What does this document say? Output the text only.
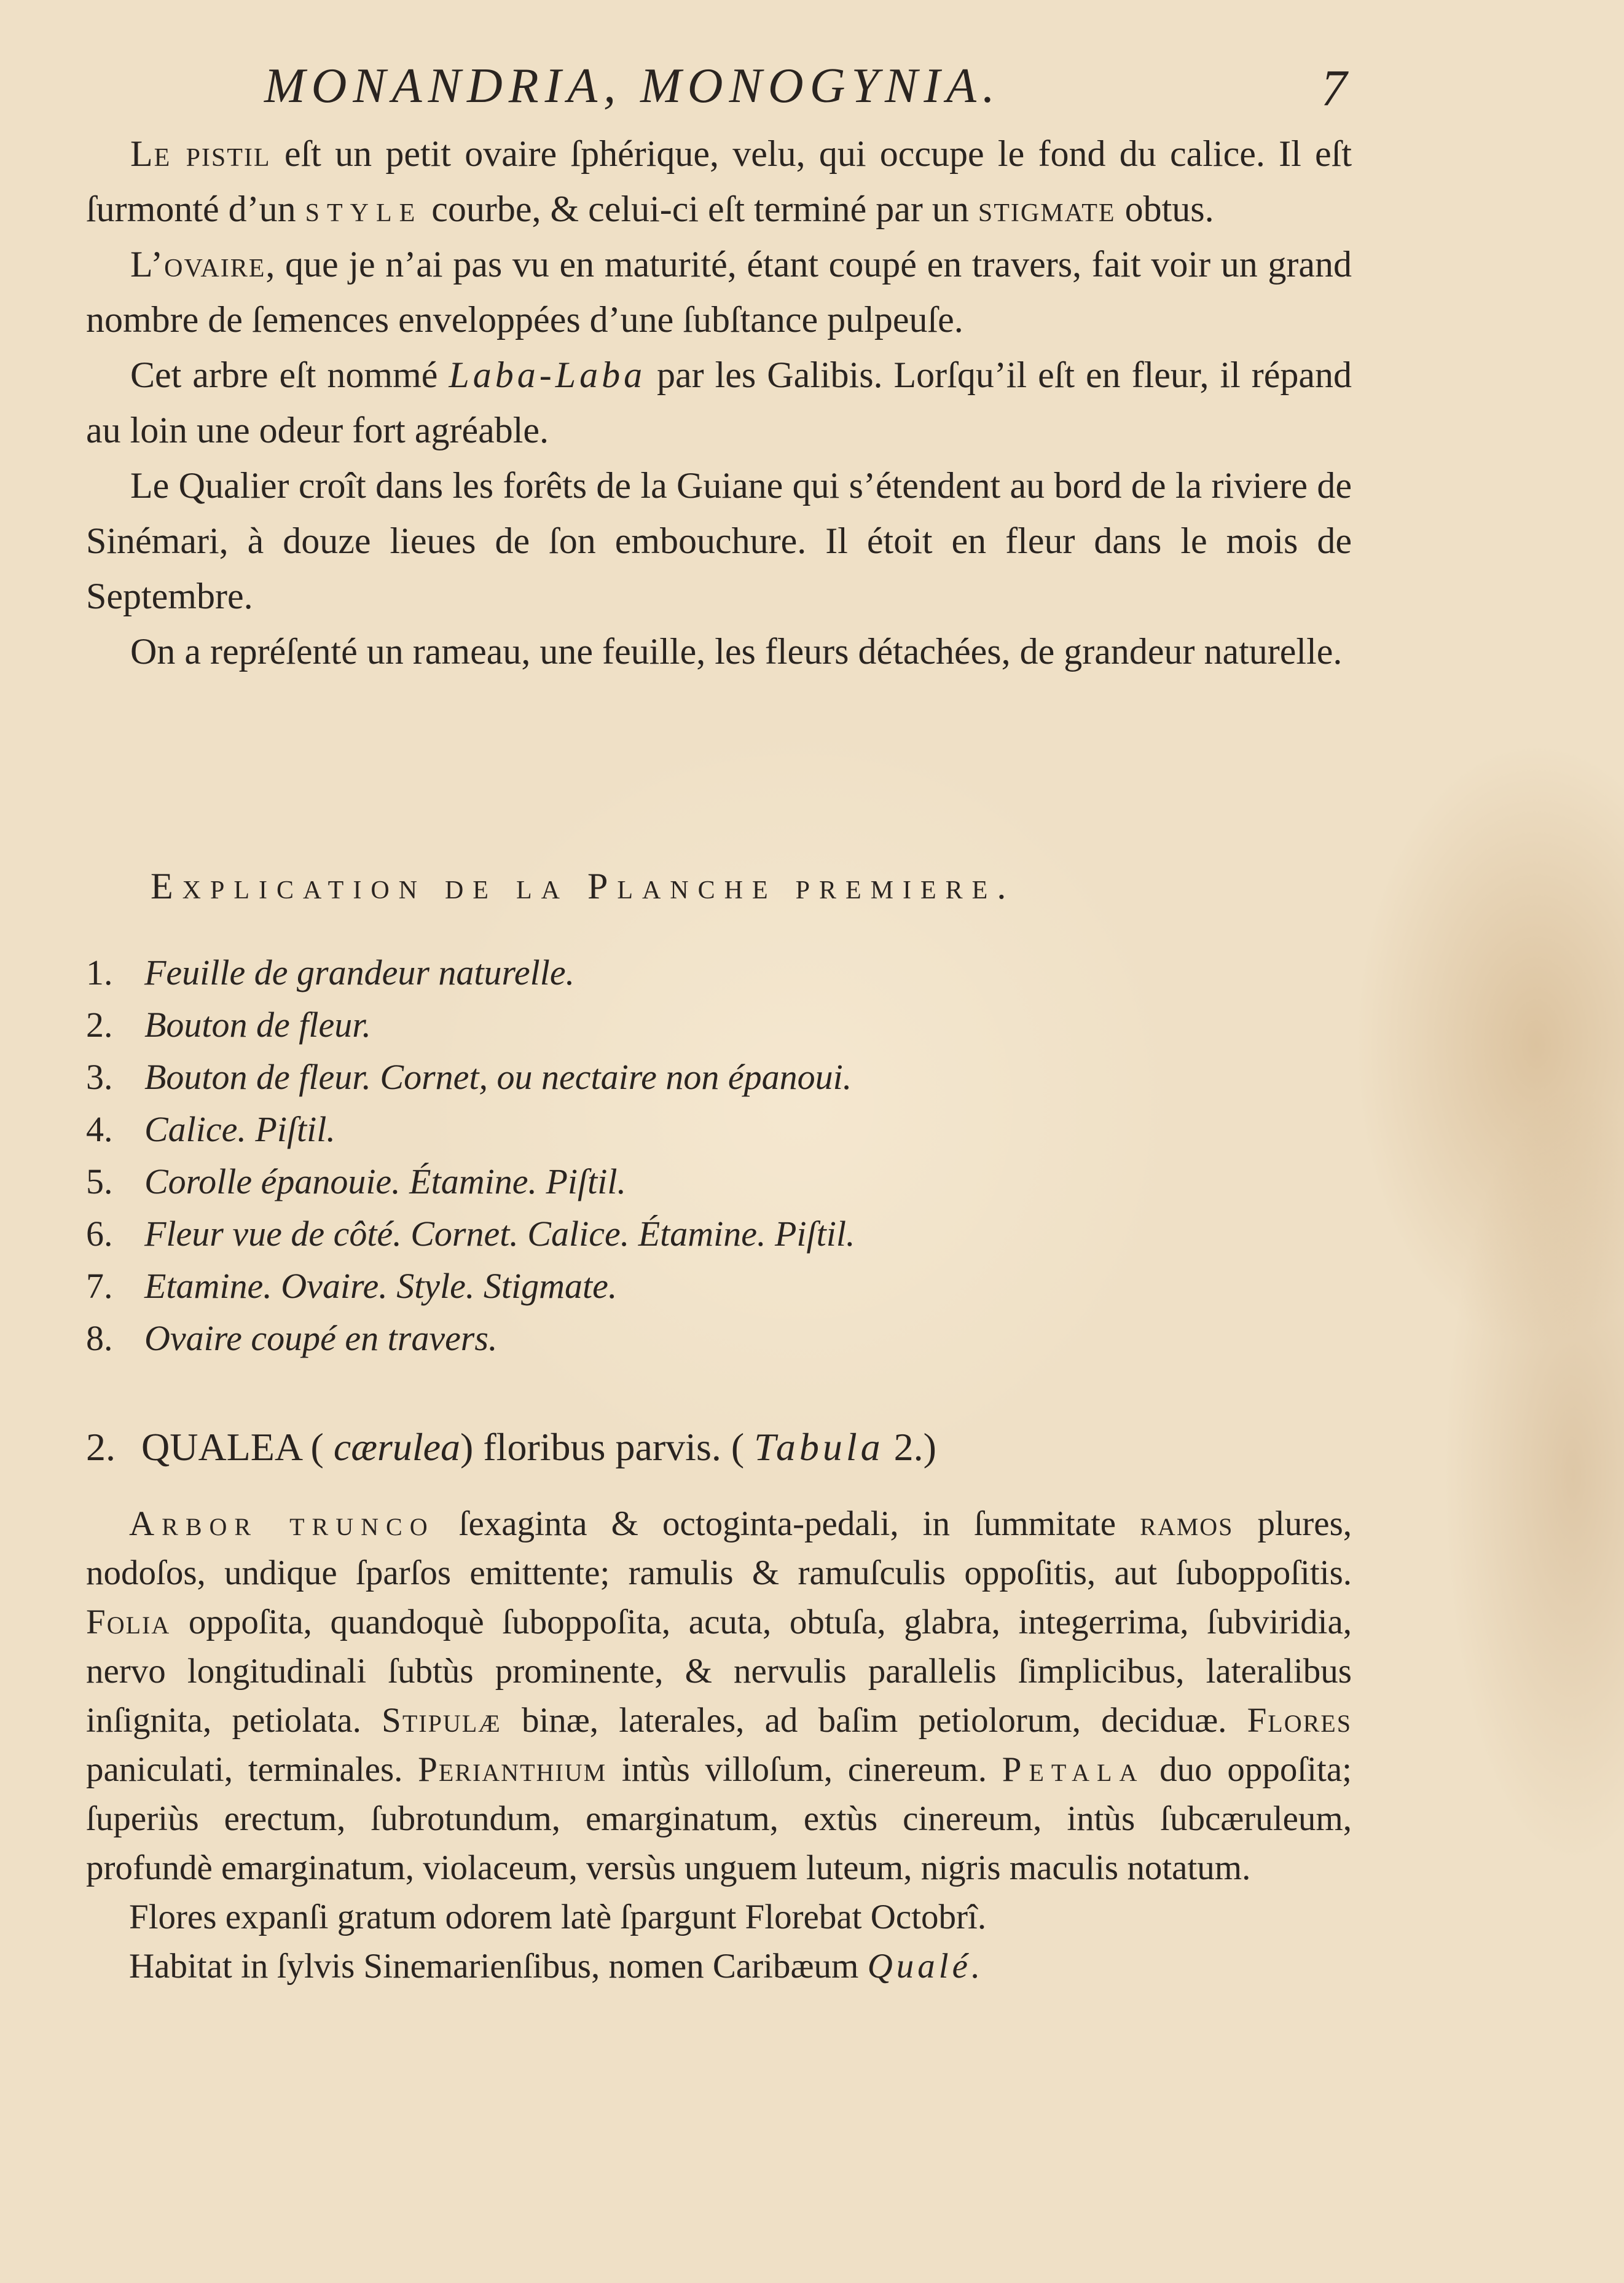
MONANDRIA, MONOGYNIA.	7

Le pistil eſt un petit ovaire ſphérique, velu, qui occupe le fond du calice. Il eſt ſurmonté d’un style courbe, & celui-ci eſt terminé par un stigmate obtus.

L’ovaire, que je n’ai pas vu en maturité, étant coupé en travers, fait voir un grand nombre de ſemences enveloppées d’une ſubſtance pulpeuſe.

Cet arbre eſt nommé Laba-Laba par les Galibis. Lorſqu’il eſt en fleur, il répand au loin une odeur fort agréable.

Le Qualier croît dans les forêts de la Guiane qui s’étendent au bord de la riviere de Sinémari, à douze lieues de ſon embouchure. Il étoit en fleur dans le mois de Septembre.

On a repréſenté un rameau, une feuille, les fleurs détachées, de grandeur naturelle.

Explication de la Planche premiere.
1. Feuille de grandeur naturelle.
2. Bouton de fleur.
3. Bouton de fleur. Cornet, ou nectaire non épanoui.
4. Calice. Piſtil.
5. Corolle épanouie. Étamine. Piſtil.
6. Fleur vue de côté. Cornet. Calice. Étamine. Piſtil.
7. Etamine. Ovaire. Style. Stigmate.
8. Ovaire coupé en travers.
2. QUALEA ( cærulea) floribus parvis. ( Tabula 2.)

Arbor trunco ſexaginta & octoginta-pedali, in ſummitate ramos plures, nodoſos, undique ſparſos emittente; ramulis & ramuſculis oppoſitis, aut ſuboppoſitis. Folia oppoſita, quandoquè ſuboppoſita, acuta, obtuſa, glabra, integerrima, ſubviridia, nervo longitudinali ſubtùs prominente, & nervulis parallelis ſimplicibus, lateralibus inſignita, petiolata. Stipulæ binæ, laterales, ad baſim petiolorum, deciduæ. Flores paniculati, terminales. Perianthium intùs villoſum, cinereum. Petala duo oppoſita; ſuperiùs erectum, ſubrotundum, emarginatum, extùs cinereum, intùs ſubcæruleum, profundè emarginatum, violaceum, versùs unguem luteum, nigris maculis notatum.

Flores expanſi gratum odorem latè ſpargunt Florebat Octobrî.

Habitat in ſylvis Sinemarienſibus, nomen Caribæum Qualé.
